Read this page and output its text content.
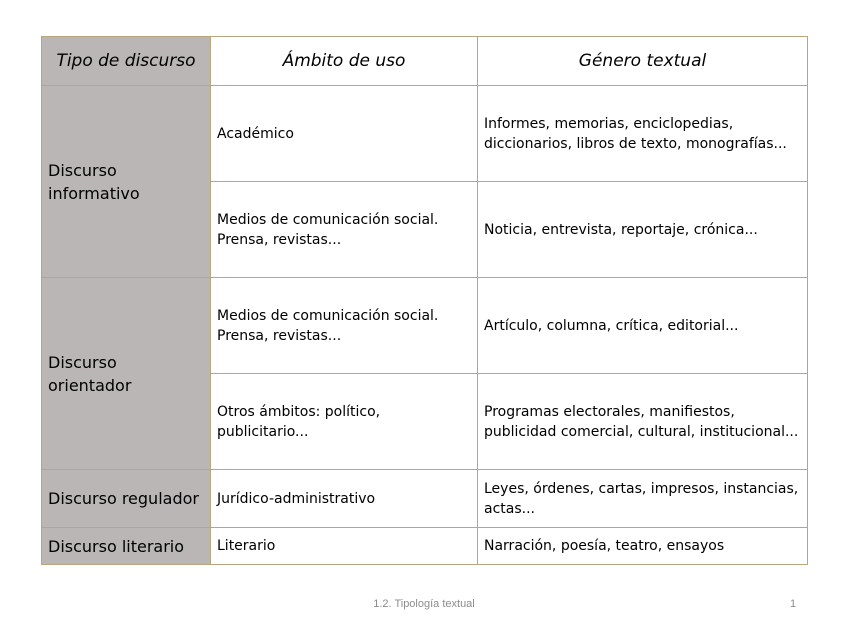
Tipo de discurso	Ámbito de uso	Género textual
Discurso informativo	Académico	Informes, memorias, enciclopedias, diccionarios, libros de texto, monografías...
	Medios de comunicación social. Prensa, revistas...	Noticia, entrevista, reportaje, crónica...
Discurso orientador	Medios de comunicación social. Prensa, revistas...	Artículo, columna, crítica, editorial...
	Otros ámbitos: político, publicitario...	Programas electorales, manifiestos, publicidad comercial, cultural, institucional...
Discurso regulador	Jurídico-administrativo	Leyes, órdenes, cartas, impresos, instancias, actas...
Discurso literario	Literario	Narración, poesía, teatro, ensayos
1.2. Tipología textual	1
